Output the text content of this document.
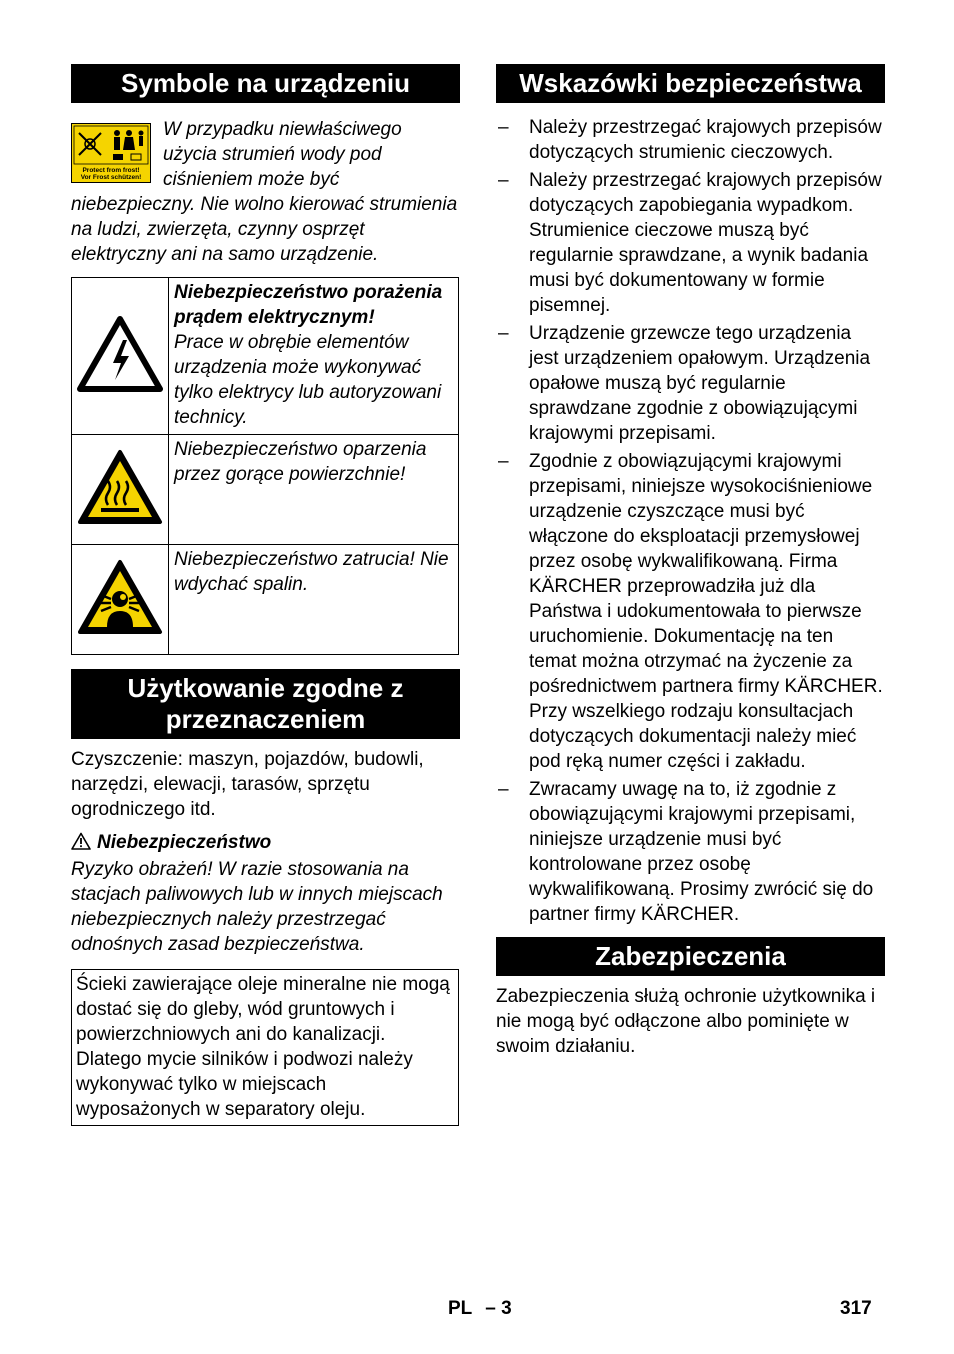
Symbole na urządzeniu
Protect from frost!
Vor Frost schützen!

W przypadku niewłaściwego użycia strumień wody pod ciśnieniem może być niebezpieczny. Nie wolno kierować strumienia na ludzi, zwierzęta, czynny osprzęt elektryczny ani na samo urządzenie.

Niebezpieczeństwo porażenia prądem elektrycznym!
Prace w obrębie elementów urządzenia może wykonywać tylko elektrycy lub autoryzowani technicy.

Niebezpieczeństwo oparzenia przez gorące powierzchnie!

Niebezpieczeństwo zatrucia! Nie wdychać spalin.
Użytkowanie zgodne z
przeznaczeniem

Czyszczenie: maszyn, pojazdów, budowli, narzędzi, elewacji, tarasów, sprzętu ogrodniczego itd.

Niebezpieczeństwo

Ryzyko obrażeń! W razie stosowania na stacjach paliwowych lub w innych miejscach niebezpiecznych należy przestrzegać odnośnych zasad bezpieczeństwa.

Ścieki zawierające oleje mineralne nie mogą dostać się do gleby, wód gruntowych i powierzchniowych ani do kanalizacji. Dlatego mycie silników i podwozi należy wykonywać tylko w miejscach wyposażonych w separatory oleju.
Wskazówki bezpieczeństwa
– Należy przestrzegać krajowych przepisów dotyczących strumienic cieczowych.
– Należy przestrzegać krajowych przepisów dotyczących zapobiegania wypadkom. Strumienice cieczowe muszą być regularnie sprawdzane, a wynik badania musi być dokumentowany w formie pisemnej.
– Urządzenie grzewcze tego urządzenia jest urządzeniem opałowym. Urządzenia opałowe muszą być regularnie sprawdzane zgodnie z obowiązującymi krajowymi przepisami.
– Zgodnie z obowiązującymi krajowymi przepisami, niniejsze wysokociśnieniowe urządzenie czyszczące musi być włączone do eksploatacji przemysłowej przez osobę wykwalifikowaną. Firma KÄRCHER przeprowadziła już dla Państwa i udokumentowała to pierwsze uruchomienie. Dokumentację na ten temat można otrzymać na życzenie za pośrednictwem partnera firmy KÄRCHER. Przy wszelkiego rodzaju konsultacjach dotyczących dokumentacji należy mieć pod ręką numer części i zakładu.
– Zwracamy uwagę na to, iż zgodnie z obowiązującymi krajowymi przepisami, niniejsze urządzenie musi być kontrolowane przez osobę wykwalifikowaną. Prosimy zwrócić się do partner firmy KÄRCHER.
Zabezpieczenia

Zabezpieczenia służą ochronie użytkownika i nie mogą być odłączone albo pominięte w swoim działaniu.

PL – 3	317
